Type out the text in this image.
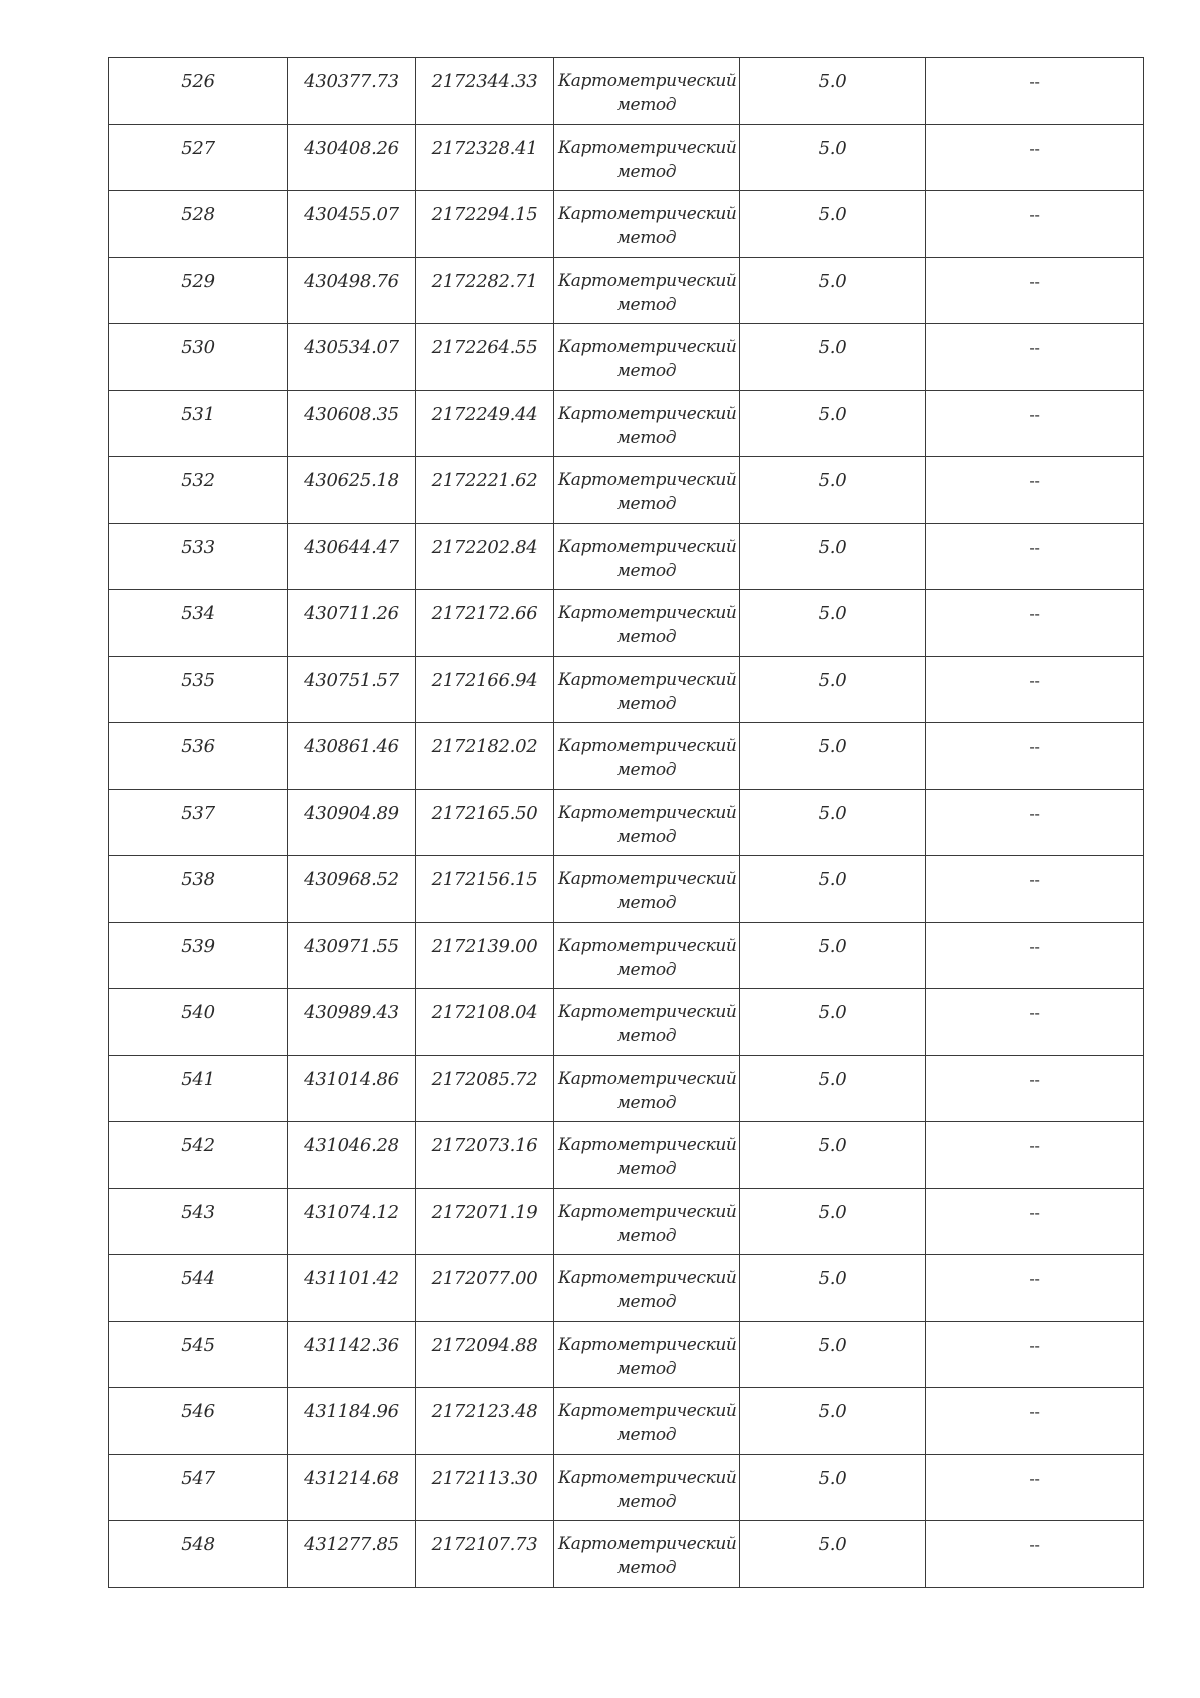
526	430377.73	2172344.33	Картометрический метод	5.0	--
527	430408.26	2172328.41	Картометрический метод	5.0	--
528	430455.07	2172294.15	Картометрический метод	5.0	--
529	430498.76	2172282.71	Картометрический метод	5.0	--
530	430534.07	2172264.55	Картометрический метод	5.0	--
531	430608.35	2172249.44	Картометрический метод	5.0	--
532	430625.18	2172221.62	Картометрический метод	5.0	--
533	430644.47	2172202.84	Картометрический метод	5.0	--
534	430711.26	2172172.66	Картометрический метод	5.0	--
535	430751.57	2172166.94	Картометрический метод	5.0	--
536	430861.46	2172182.02	Картометрический метод	5.0	--
537	430904.89	2172165.50	Картометрический метод	5.0	--
538	430968.52	2172156.15	Картометрический метод	5.0	--
539	430971.55	2172139.00	Картометрический метод	5.0	--
540	430989.43	2172108.04	Картометрический метод	5.0	--
541	431014.86	2172085.72	Картометрический метод	5.0	--
542	431046.28	2172073.16	Картометрический метод	5.0	--
543	431074.12	2172071.19	Картометрический метод	5.0	--
544	431101.42	2172077.00	Картометрический метод	5.0	--
545	431142.36	2172094.88	Картометрический метод	5.0	--
546	431184.96	2172123.48	Картометрический метод	5.0	--
547	431214.68	2172113.30	Картометрический метод	5.0	--
548	431277.85	2172107.73	Картометрический метод	5.0	--
